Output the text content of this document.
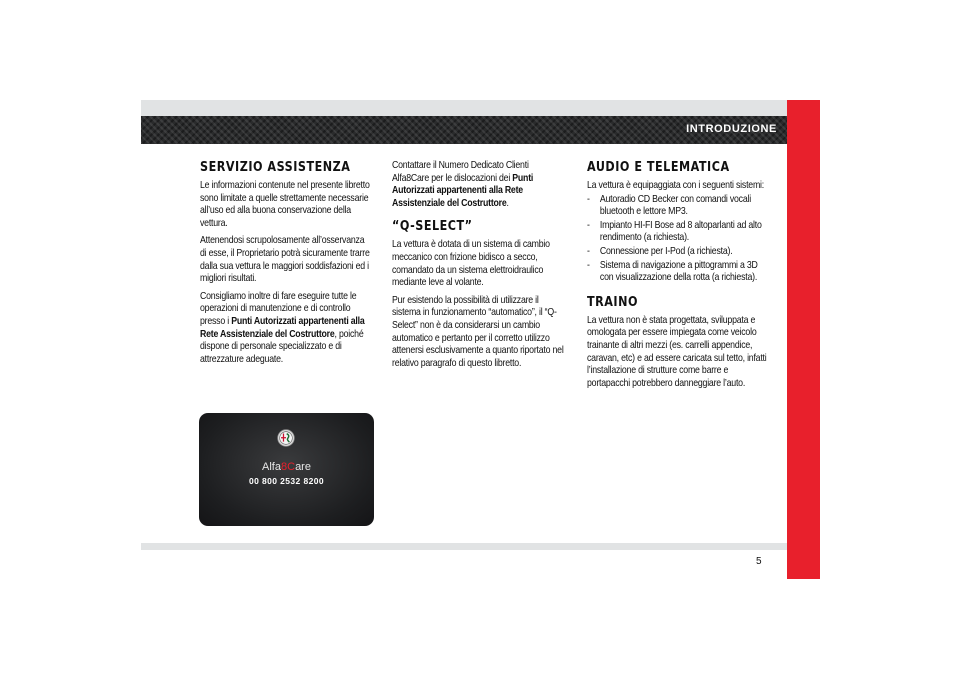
INTRODUZIONE
SERVIZIO ASSISTENZA

Le informazioni contenute nel presente libretto sono limitate a quelle strettamente necessarie all’uso ed alla buona conservazione della vettura.

Attenendosi scrupolosamente all’osservanza di esse, il Proprietario potrà sicuramente trarre dalla sua vettura le maggiori soddisfazioni ed i migliori risultati.

Consigliamo inoltre di fare eseguire tutte le operazioni di manutenzione e di controllo presso i Punti Autorizzati appartenenti alla Rete Assistenziale del Costruttore, poiché dispone di personale specializzato e di attrezzature adeguate.

Contattare il Numero Dedicato Clienti Alfa8Care per le dislocazioni dei Punti Autorizzati appartenenti alla Rete Assistenziale del Costruttore.

“Q-SELECT”

La vettura è dotata di un sistema di cambio meccanico con frizione bidisco a secco, comandato da un sistema elettroidraulico mediante leve al volante.

Pur esistendo la possibilità di utilizzare il sistema in funzionamento “automatico”, il “Q-Select” non è da considerarsi un cambio automatico e pertanto per il corretto utilizzo attenersi esclusivamente a quanto riportato nel relativo paragrafo di questo libretto.

AUDIO E TELEMATICA

La vettura è equipaggiata con i seguenti sistemi:

- Autoradio CD Becker con comandi vocali bluetooth e lettore MP3.
- Impianto HI-FI Bose ad 8 altoparlanti ad alto rendimento (a richiesta).
- Connessione per I-Pod (a richiesta).
- Sistema di navigazione a pittogrammi a 3D con visualizzazione della rotta (a richiesta).
TRAINO

La vettura non è stata progettata, sviluppata e omologata per essere impiegata come veicolo trainante di altri mezzi (es. carrelli appendice, caravan, etc) e ad essere caricata sul tetto, infatti l’installazione di strutture come barre e portapacchi potrebbero danneggiare l’auto.

Alfa8Care
00 800 2532 8200
5
